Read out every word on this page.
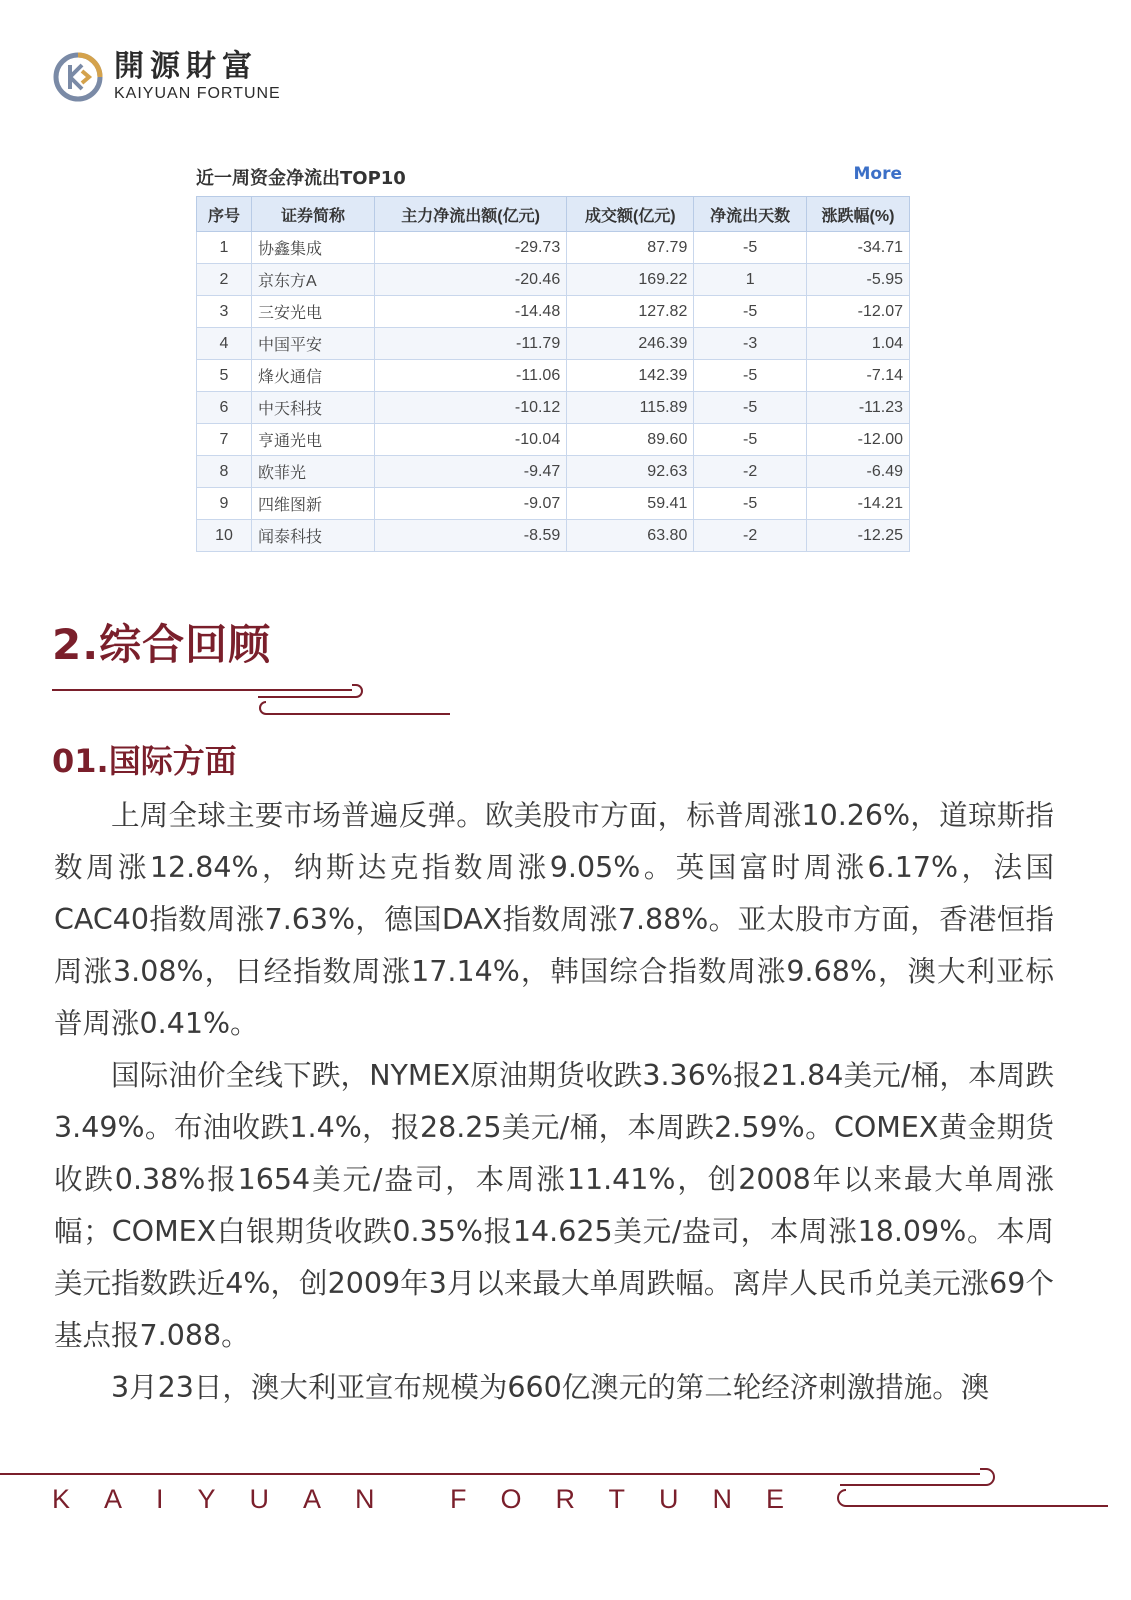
開源財富
KAIYUAN FORTUNE
近一周资金净流出TOP10	More
序号	证券简称	主力净流出额(亿元)	成交额(亿元)	净流出天数	涨跌幅(%)
1	协鑫集成	-29.73	87.79	-5	-34.71
2	京东方A	-20.46	169.22	1	-5.95
3	三安光电	-14.48	127.82	-5	-12.07
4	中国平安	-11.79	246.39	-3	1.04
5	烽火通信	-11.06	142.39	-5	-7.14
6	中天科技	-10.12	115.89	-5	-11.23
7	亨通光电	-10.04	89.60	-5	-12.00
8	欧菲光	-9.47	92.63	-2	-6.49
9	四维图新	-9.07	59.41	-5	-14.21
10	闻泰科技	-8.59	63.80	-2	-12.25
2.综合回顾
01.国际方面

上周全球主要市场普遍反弹。欧美股市方面，标普周涨10.26%，道琼斯指数周涨12.84%，纳斯达克指数周涨9.05%。英国富时周涨6.17%，法国CAC40指数周涨7.63%，德国DAX指数周涨7.88%。亚太股市方面，香港恒指周涨3.08%，日经指数周涨17.14%，韩国综合指数周涨9.68%，澳大利亚标普周涨0.41%。

国际油价全线下跌，NYMEX原油期货收跌3.36%报21.84美元/桶，本周跌3.49%。布油收跌1.4%，报28.25美元/桶，本周跌2.59%。COMEX黄金期货收跌0.38%报1654美元/盎司，本周涨11.41%，创2008年以来最大单周涨幅；COMEX白银期货收跌0.35%报14.625美元/盎司，本周涨18.09%。本周美元指数跌近4%，创2009年3月以来最大单周跌幅。离岸人民币兑美元涨69个基点报7.088。

3月23日，澳大利亚宣布规模为660亿澳元的第二轮经济刺激措施。澳

KAIYUAN FORTUNE
